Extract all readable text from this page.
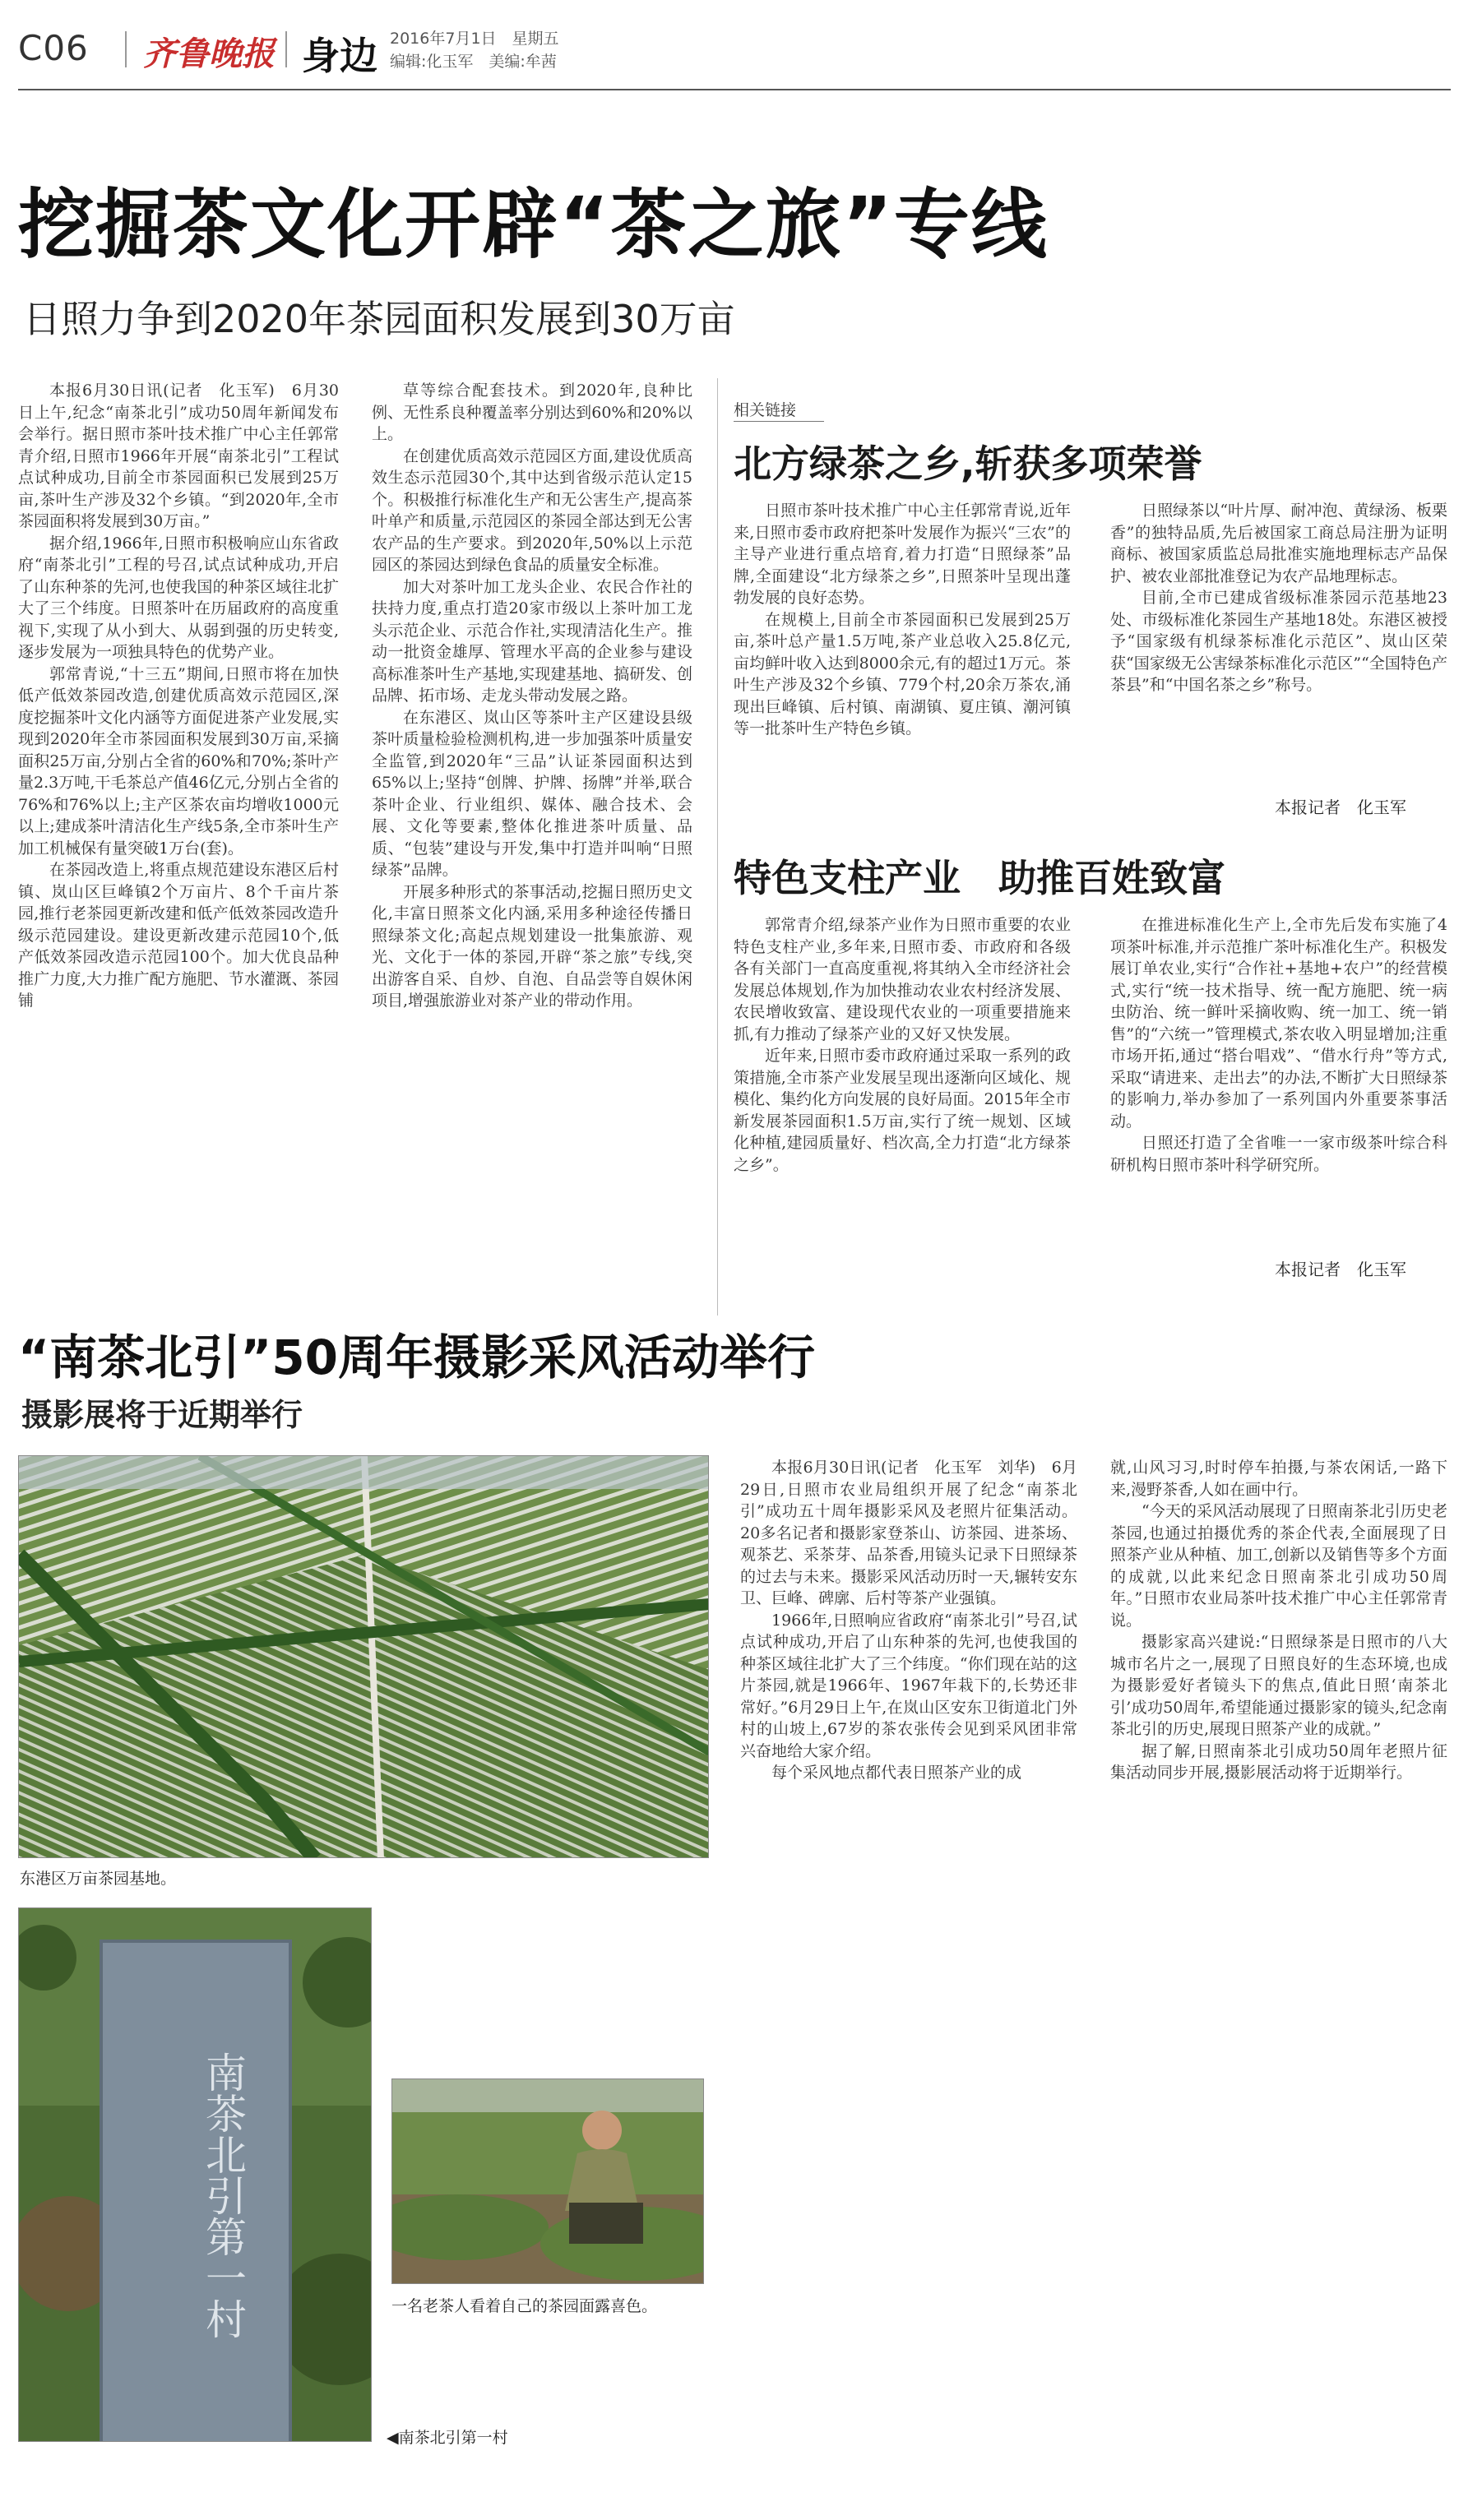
C06 齐鲁晚报 身边 2016年7月1日　星期五
编辑:化玉军　美编:牟茜
挖掘茶文化开辟“茶之旅”专线
日照力争到2020年茶园面积发展到30万亩

本报6月30日讯(记者　化玉军)　6月30日上午,纪念“南茶北引”成功50周年新闻发布会举行。据日照市茶叶技术推广中心主任郭常青介绍,日照市1966年开展“南茶北引”工程试点试种成功,目前全市茶园面积已发展到25万亩,茶叶生产涉及32个乡镇。“到2020年,全市茶园面积将发展到30万亩。”

据介绍,1966年,日照市积极响应山东省政府“南茶北引”工程的号召,试点试种成功,开启了山东种茶的先河,也使我国的种茶区域往北扩大了三个纬度。日照茶叶在历届政府的高度重视下,实现了从小到大、从弱到强的历史转变,逐步发展为一项独具特色的优势产业。

郭常青说,“十三五”期间,日照市将在加快低产低效茶园改造,创建优质高效示范园区,深度挖掘茶叶文化内涵等方面促进茶产业发展,实现到2020年全市茶园面积发展到30万亩,采摘面积25万亩,分别占全省的60%和70%;茶叶产量2.3万吨,干毛茶总产值46亿元,分别占全省的76%和76%以上;主产区茶农亩均增收1000元以上;建成茶叶清洁化生产线5条,全市茶叶生产加工机械保有量突破1万台(套)。

在茶园改造上,将重点规范建设东港区后村镇、岚山区巨峰镇2个万亩片、8个千亩片茶园,推行老茶园更新改建和低产低效茶园改造升级示范园建设。建设更新改建示范园10个,低产低效茶园改造示范园100个。加大优良品种推广力度,大力推广配方施肥、节水灌溉、茶园铺

草等综合配套技术。到2020年,良种比例、无性系良种覆盖率分别达到60%和20%以上。

在创建优质高效示范园区方面,建设优质高效生态示范园30个,其中达到省级示范认定15个。积极推行标准化生产和无公害生产,提高茶叶单产和质量,示范园区的茶园全部达到无公害农产品的生产要求。到2020年,50%以上示范园区的茶园达到绿色食品的质量安全标准。

加大对茶叶加工龙头企业、农民合作社的扶持力度,重点打造20家市级以上茶叶加工龙头示范企业、示范合作社,实现清洁化生产。推动一批资金雄厚、管理水平高的企业参与建设高标准茶叶生产基地,实现建基地、搞研发、创品牌、拓市场、走龙头带动发展之路。

在东港区、岚山区等茶叶主产区建设县级茶叶质量检验检测机构,进一步加强茶叶质量安全监管,到2020年“三品”认证茶园面积达到65%以上;坚持“创牌、护牌、扬牌”并举,联合茶叶企业、行业组织、媒体、融合技术、会展、文化等要素,整体化推进茶叶质量、品质、“包装”建设与开发,集中打造并叫响“日照绿茶”品牌。

开展多种形式的茶事活动,挖掘日照历史文化,丰富日照茶文化内涵,采用多种途径传播日照绿茶文化;高起点规划建设一批集旅游、观光、文化于一体的茶园,开辟“茶之旅”专线,突出游客自采、自炒、自泡、自品尝等自娱休闲项目,增强旅游业对茶产业的带动作用。

相关链接
北方绿茶之乡,斩获多项荣誉

日照市茶叶技术推广中心主任郭常青说,近年来,日照市委市政府把茶叶发展作为振兴“三农”的主导产业进行重点培育,着力打造“日照绿茶”品牌,全面建设“北方绿茶之乡”,日照茶叶呈现出蓬勃发展的良好态势。

在规模上,目前全市茶园面积已发展到25万亩,茶叶总产量1.5万吨,茶产业总收入25.8亿元,亩均鲜叶收入达到8000余元,有的超过1万元。茶叶生产涉及32个乡镇、779个村,20余万茶农,涌现出巨峰镇、后村镇、南湖镇、夏庄镇、潮河镇等一批茶叶生产特色乡镇。

日照绿茶以“叶片厚、耐冲泡、黄绿汤、板栗香”的独特品质,先后被国家工商总局注册为证明商标、被国家质监总局批准实施地理标志产品保护、被农业部批准登记为农产品地理标志。

目前,全市已建成省级标准茶园示范基地23处、市级标准化茶园生产基地18处。东港区被授予“国家级有机绿茶标准化示范区”、岚山区荣获“国家级无公害绿茶标准化示范区”“全国特色产茶县”和“中国名茶之乡”称号。

本报记者　化玉军
特色支柱产业　助推百姓致富

郭常青介绍,绿茶产业作为日照市重要的农业特色支柱产业,多年来,日照市委、市政府和各级各有关部门一直高度重视,将其纳入全市经济社会发展总体规划,作为加快推动农业农村经济发展、农民增收致富、建设现代农业的一项重要措施来抓,有力推动了绿茶产业的又好又快发展。

近年来,日照市委市政府通过采取一系列的政策措施,全市茶产业发展呈现出逐渐向区域化、规模化、集约化方向发展的良好局面。2015年全市新发展茶园面积1.5万亩,实行了统一规划、区域化种植,建园质量好、档次高,全力打造“北方绿茶之乡”。

在推进标准化生产上,全市先后发布实施了4项茶叶标准,并示范推广茶叶标准化生产。积极发展订单农业,实行“合作社+基地+农户”的经营模式,实行“统一技术指导、统一配方施肥、统一病虫防治、统一鲜叶采摘收购、统一加工、统一销售”的“六统一”管理模式,茶农收入明显增加;注重市场开拓,通过“搭台唱戏”、“借水行舟”等方式,采取“请进来、走出去”的办法,不断扩大日照绿茶的影响力,举办参加了一系列国内外重要茶事活动。

日照还打造了全省唯一一家市级茶叶综合科研机构日照市茶叶科学研究所。

本报记者　化玉军
“南茶北引”50周年摄影采风活动举行
摄影展将于近期举行
东港区万亩茶园基地。
南茶北引第一村
◀南茶北引第一村
一名老茶人看着自己的茶园面露喜色。

本报6月30日讯(记者　化玉军　刘华)　6月29日,日照市农业局组织开展了纪念“南茶北引”成功五十周年摄影采风及老照片征集活动。20多名记者和摄影家登茶山、访茶园、进茶场、观茶艺、采茶芽、品茶香,用镜头记录下日照绿茶的过去与未来。摄影采风活动历时一天,辗转安东卫、巨峰、碑廓、后村等茶产业强镇。

1966年,日照响应省政府“南茶北引”号召,试点试种成功,开启了山东种茶的先河,也使我国的种茶区域往北扩大了三个纬度。“你们现在站的这片茶园,就是1966年、1967年栽下的,长势还非常好。”6月29日上午,在岚山区安东卫街道北门外村的山坡上,67岁的茶农张传会见到采风团非常兴奋地给大家介绍。

每个采风地点都代表日照茶产业的成

就,山风习习,时时停车拍摄,与茶农闲话,一路下来,漫野茶香,人如在画中行。

“今天的采风活动展现了日照南茶北引历史老茶园,也通过拍摄优秀的茶企代表,全面展现了日照茶产业从种植、加工,创新以及销售等多个方面的成就,以此来纪念日照南茶北引成功50周年。”日照市农业局茶叶技术推广中心主任郭常青说。

摄影家高兴建说:“日照绿茶是日照市的八大城市名片之一,展现了日照良好的生态环境,也成为摄影爱好者镜头下的焦点,值此日照‘南茶北引’成功50周年,希望能通过摄影家的镜头,纪念南茶北引的历史,展现日照茶产业的成就。”

据了解,日照南茶北引成功50周年老照片征集活动同步开展,摄影展活动将于近期举行。
